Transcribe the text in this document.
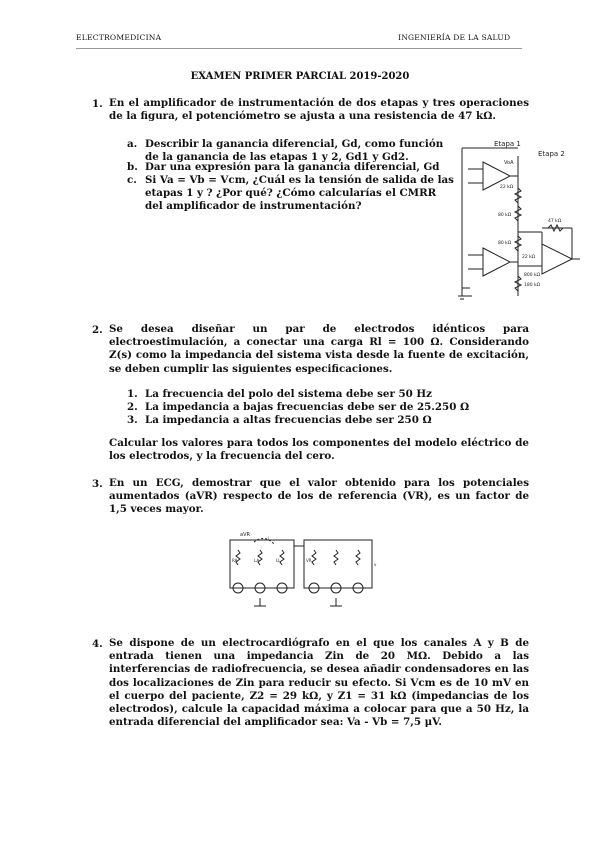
ELECTROMEDICINA	INGENIERÍA DE LA SALUD
EXAMEN PRIMER PARCIAL 2019-2020
1. En el amplificador de instrumentación de dos etapas y tres operaciones de la figura, el potenciómetro se ajusta a una resistencia de 47 kΩ.
a. Describir la ganancia diferencial, Gd, como función de la ganancia de las etapas 1 y 2, Gd1 y Gd2.
b. Dar una expresión para la ganancia diferencial, Gd
c. Si Va = Vb = Vcm, ¿Cuál es la tensión de salida de las etapas 1 y ? ¿Por qué? ¿Cómo calcularías el CMRR del amplificador de instrumentación?
Etapa 1
Etapa 2
VoA
22 kΩ
80 kΩ
80 kΩ
47 kΩ
22 kΩ
180 kΩ
800 kΩ
2. Se desea diseñar un par de electrodos idénticos para electroestimulación, a conectar una carga Rl = 100 Ω. Considerando Z(s) como la impedancia del sistema vista desde la fuente de excitación, se deben cumplir las siguientes especificaciones.
1. La frecuencia del polo del sistema debe ser 50 Hz
2. La impedancia a bajas frecuencias debe ser de 25.250 Ω
3. La impedancia a altas frecuencias debe ser 250 Ω
Calcular los valores para todos los componentes del modelo eléctrico de los electrodos, y la frecuencia del cero.
3. En un ECG, demostrar que el valor obtenido para los potenciales aumentados (aVR) respecto de los de referencia (VR), es un factor de 1,5 veces mayor.
aVR
RA	LA	LL	VR
i
v
4. Se dispone de un electrocardiógrafo en el que los canales A y B de entrada tienen una impedancia Zin de 20 MΩ. Debido a las interferencias de radiofrecuencia, se desea añadir condensadores en las dos localizaciones de Zin para reducir su efecto. Si Vcm es de 10 mV en el cuerpo del paciente, Z2 = 29 kΩ, y Z1 = 31 kΩ (impedancias de los electrodos), calcule la capacidad máxima a colocar para que a 50 Hz, la entrada diferencial del amplificador sea: Va - Vb = 7,5 μV.
